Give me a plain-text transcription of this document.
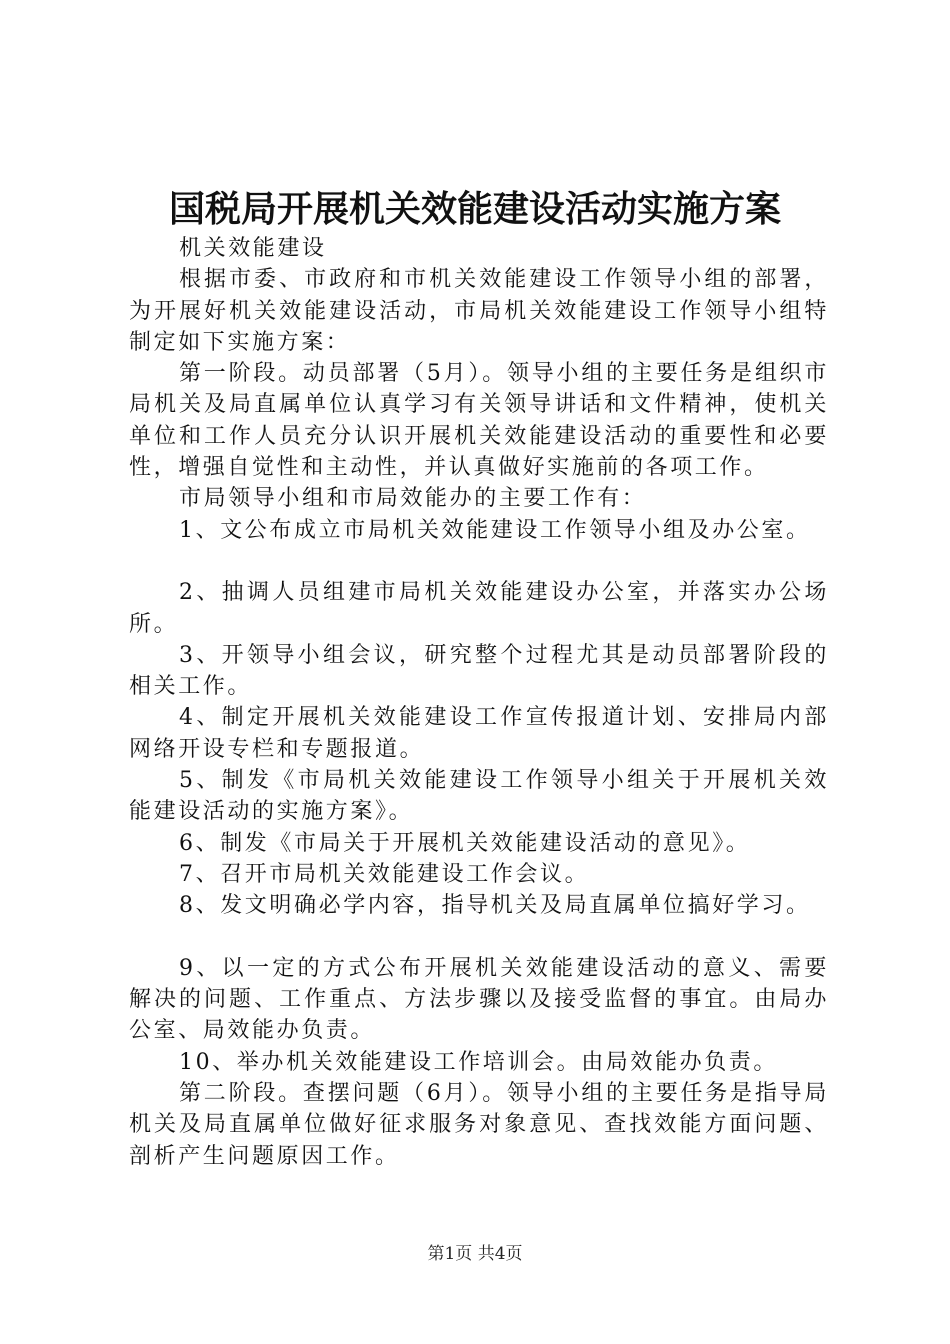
国税局开展机关效能建设活动实施方案

机关效能建设

根据市委、市政府和市机关效能建设工作领导小组的部署，为开展好机关效能建设活动，市局机关效能建设工作领导小组特制定如下实施方案：

第一阶段。动员部署（5月）。领导小组的主要任务是组织市局机关及局直属单位认真学习有关领导讲话和文件精神，使机关单位和工作人员充分认识开展机关效能建设活动的重要性和必要性，增强自觉性和主动性，并认真做好实施前的各项工作。

市局领导小组和市局效能办的主要工作有：

1、文公布成立市局机关效能建设工作领导小组及办公室。

2、抽调人员组建市局机关效能建设办公室，并落实办公场所。

3、开领导小组会议，研究整个过程尤其是动员部署阶段的相关工作。

4、制定开展机关效能建设工作宣传报道计划、安排局内部网络开设专栏和专题报道。

5、制发《市局机关效能建设工作领导小组关于开展机关效能建设活动的实施方案》。

6、制发《市局关于开展机关效能建设活动的意见》。

7、召开市局机关效能建设工作会议。

8、发文明确必学内容，指导机关及局直属单位搞好学习。

9、以一定的方式公布开展机关效能建设活动的意义、需要解决的问题、工作重点、方法步骤以及接受监督的事宜。由局办公室、局效能办负责。

10、举办机关效能建设工作培训会。由局效能办负责。

第二阶段。查摆问题（6月）。领导小组的主要任务是指导局机关及局直属单位做好征求服务对象意见、查找效能方面问题、剖析产生问题原因工作。

第1页 共4页
